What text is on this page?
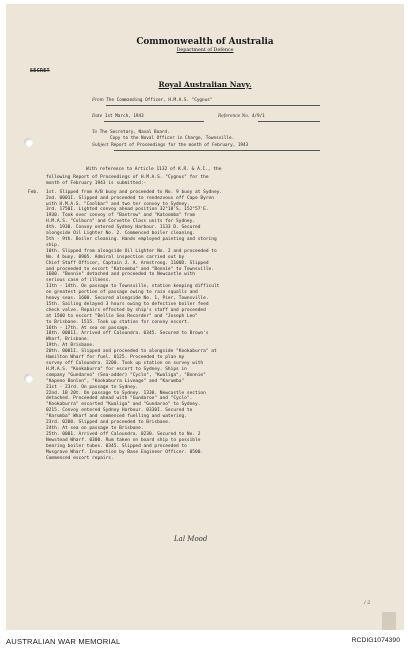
SECRET
Commonwealth of Australia
Department of Defence
Royal Australian Navy.
From The Commanding Officer, H.M.A.S. "Cygnus"
Date 1st March, 1943	Reference No. 4/9/1
To The Secretary, Naval Board.
Copy to the Naval Officer in Charge, Townsville.
Subject Report of Proceedings for the month of February, 1943
With reference to Article 1132 of K.R. & A.I., the
following Report of Proceedings of H.M.A.S. "Cygnus" for the
month of February 1943 is submitted:-
Feb.	1st. Slipped from A/B buoy and proceeded to No. 9 buoy at Sydney.
2nd. 0001I. Slipped and proceeded to rendezvous off Cape Byron
with H.M.A.S. "Coolbar" and two ter convoy to Sydney.
3rd. 1750I. Lighted convoy ahead position 32°18'S, 152°57'E.
1930. Took over convoy of "Bantrow" and "Katoomba" from
H.M.A.S. "Colburn" and Corvette Class units for Sydney.
4th. 1930. Convoy entered Sydney Harbour. 1133 D. Secured
alongside Oil Lighter No. 2. Commenced boiler cleaning.
5th - 9th. Boiler cleaning. Hands employed painting and storing
ship.
10th. Slipped from alongside Oil Lighter No. 2 and proceeded to
No. 4 buoy. 0905. Admiral inspection carried out by
Chief Staff Officer, Captain J. A. Armstrong. 1100D. Slipped
and proceeded to escort "Katoomba" and "Bonnie" to Townsville.
1600. "Bonnie" detached and proceeded to Newcastle with
serious case of illness.
11th - 14th. On passage to Townsville, station keeping difficult
on greatest portion of passage owing to rain squalls and
heavy seas. 1600. Secured alongside No. 1, Pier, Townsville.
15th. Sailing delayed 3 hours owing to defective boiler feed
check valve. Repairs effected by ship's staff and proceeded
at 1500 to escort "Bellie Sea Recorder" and "Joseph Leo"
to Brisbane. 1515. Took up station for convoy escort.
16th - 17th. At sea on passage.
18th. 0001I. Arrived off Caloundra. 0345. Secured to Brown's
Wharf, Brisbane.
19th. At Brisbane.
20th. 0001I. Slipped and proceeded to alongside "Kookaburra" at
Hamilton Wharf for fuel. 0125. Proceeded to plan my
survey off Caloundra. 1200. Took up station on survey with
H.M.A.S. "Kookaburra" for escort to Sydney. Ships in
company "Gundaroo" (Sea-adder) "Cyclo", "Kwaliga", "Bonnie"
"Kapeno Bonlon", "Kookaburra Liveage" and "Karumba"
21st - 23rd. On passage to Sydney.
22nd. 1B 20t. On passage to Sydney. 1330. Newcastle section
detached. Proceeded ahead with "Gundaroo" and "Cyclo".
"Kookaburra" escorted "Kwaliga" and "Gundaroo" to Sydney.
0215. Convoy entered Sydney Harbour. 0330I. Secured to
"Karumba" Wharf and commenced fuelling and watering.
23rd. 0200. Slipped and proceeded to Brisbane.
24th. At sea on passage to Brisbane.
25th. 0001. Arrived off Caloundra. 0230. Secured to No. 2
Newstead Wharf. 0300. Rum taken on board ship to possible
bearing boiler tubes. 0345. Slipped and proceeded to
Musgrave Wharf. Inspection by Base Engineer Officer. 0500.
Commenced escort repairs.
Lal Mood
/ 2
AUSTRALIAN WAR MEMORIAL	RCDIG1074390
